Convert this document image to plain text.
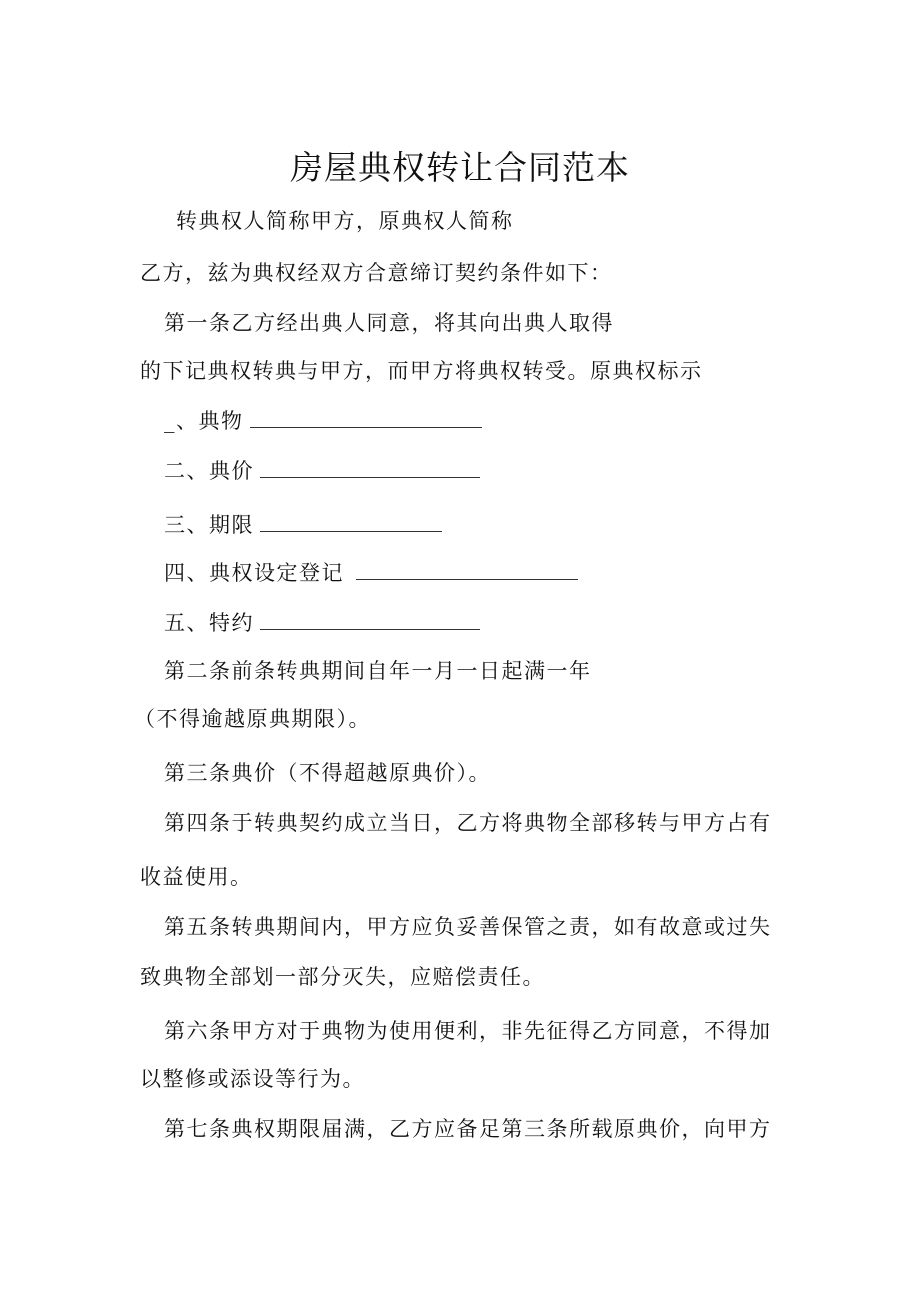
房屋典权转让合同范本
转典权人简称甲方，原典权人简称
乙方，兹为典权经双方合意缔订契约条件如下：
第一条乙方经出典人同意，将其向出典人取得
的下记典权转典与甲方，而甲方将典权转受。原典权标示
_、典物
二、典价
三、期限
四、典权设定登记
五、特约
第二条前条转典期间自年一月一日起满一年
（不得逾越原典期限）。
第三条典价（不得超越原典价）。
第四条于转典契约成立当日，乙方将典物全部移转与甲方占有
收益使用。
第五条转典期间内，甲方应负妥善保管之责，如有故意或过失
致典物全部划一部分灭失，应赔偿责任。
第六条甲方对于典物为使用便利，非先征得乙方同意，不得加
以整修或添设等行为。
第七条典权期限届满，乙方应备足第三条所载原典价，向甲方
